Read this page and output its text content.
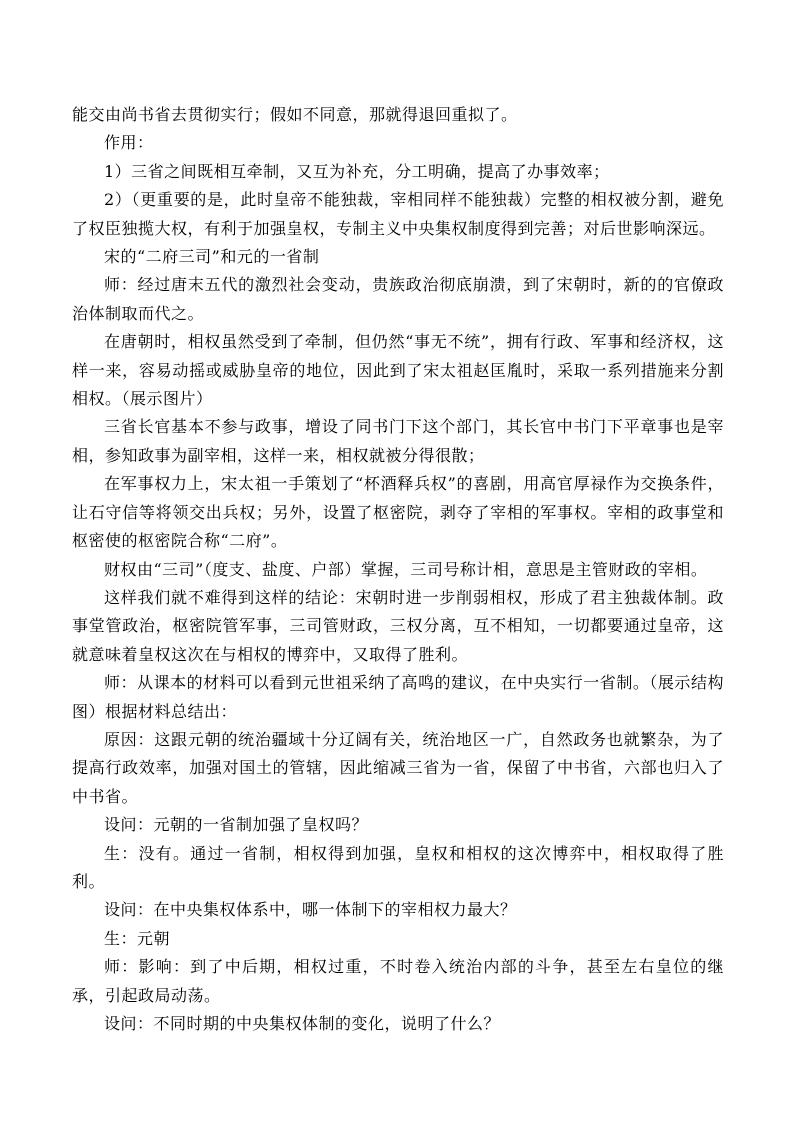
能交由尚书省去贯彻实行；假如不同意，那就得退回重拟了。

作用：

1）三省之间既相互牵制，又互为补充，分工明确，提高了办事效率；

2）（更重要的是，此时皇帝不能独裁，宰相同样不能独裁）完整的相权被分割，避免了权臣独揽大权，有利于加强皇权，专制主义中央集权制度得到完善；对后世影响深远。

宋的“二府三司”和元的一省制

师：经过唐末五代的激烈社会变动，贵族政治彻底崩溃，到了宋朝时，新的的官僚政治体制取而代之。

在唐朝时，相权虽然受到了牵制，但仍然“事无不统”，拥有行政、军事和经济权，这样一来，容易动摇或威胁皇帝的地位，因此到了宋太祖赵匡胤时，采取一系列措施来分割相权。（展示图片）

三省长官基本不参与政事，增设了同书门下这个部门，其长官中书门下平章事也是宰相，参知政事为副宰相，这样一来，相权就被分得很散；

在军事权力上，宋太祖一手策划了“杯酒释兵权”的喜剧，用高官厚禄作为交换条件，让石守信等将领交出兵权；另外，设置了枢密院，剥夺了宰相的军事权。宰相的政事堂和枢密使的枢密院合称“二府”。

财权由“三司”（度支、盐度、户部）掌握，三司号称计相，意思是主管财政的宰相。

这样我们就不难得到这样的结论：宋朝时进一步削弱相权，形成了君主独裁体制。政事堂管政治，枢密院管军事，三司管财政，三权分离，互不相知，一切都要通过皇帝，这就意味着皇权这次在与相权的博弈中，又取得了胜利。

师：从课本的材料可以看到元世祖采纳了高鸣的建议，在中央实行一省制。（展示结构图）根据材料总结出：

原因：这跟元朝的统治疆域十分辽阔有关，统治地区一广，自然政务也就繁杂，为了提高行政效率，加强对国土的管辖，因此缩减三省为一省，保留了中书省，六部也归入了中书省。

设问：元朝的一省制加强了皇权吗？

生：没有。通过一省制，相权得到加强，皇权和相权的这次博弈中，相权取得了胜利。

设问：在中央集权体系中，哪一体制下的宰相权力最大？

生：元朝

师：影响：到了中后期，相权过重，不时卷入统治内部的斗争，甚至左右皇位的继承，引起政局动荡。

设问：不同时期的中央集权体制的变化，说明了什么？
